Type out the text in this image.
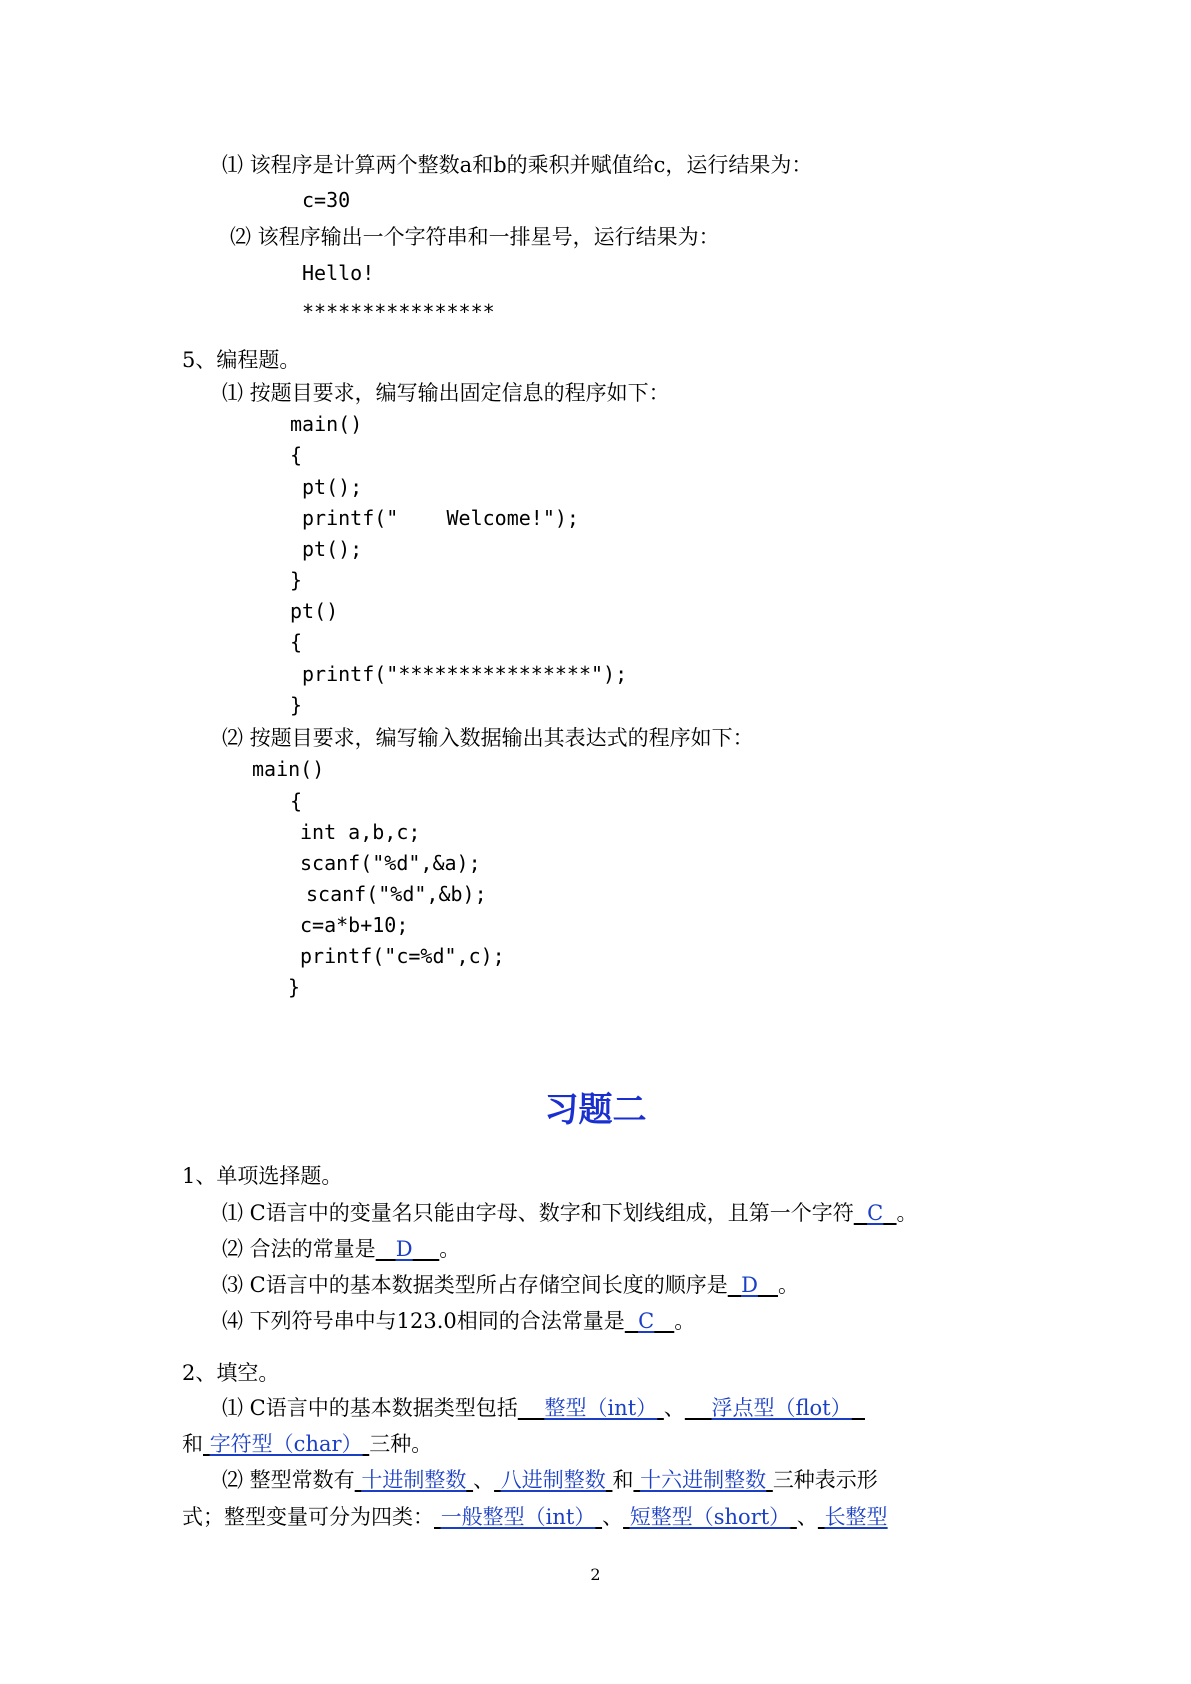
⑴ 该程序是计算两个整数a和b的乘积并赋值给c，运行结果为：
c=30
⑵ 该程序输出一个字符串和一排星号，运行结果为：
Hello!
****************
5、编程题。
⑴ 按题目要求，编写输出固定信息的程序如下：
main()
{
pt();
printf("    Welcome!");
pt();
}
pt()
{
printf("****************");
}
⑵ 按题目要求，编写输入数据输出其表达式的程序如下：
main()
{
int a,b,c;
scanf("%d",&a);
scanf("%d",&b);
c=a*b+10;
printf("c=%d",c);
}
习题二
1、单项选择题。
⑴ C语言中的变量名只能由字母、数字和下划线组成，且第一个字符 C 。
⑵ 合法的常量是 D 。
⑶ C语言中的基本数据类型所占存储空间长度的顺序是 D 。
⑷ 下列符号串中与123.0相同的合法常量是 C 。
2、填空。
⑴ C语言中的基本数据类型包括 整型（int） 、 浮点型（flot）
和 字符型（char） 三种。
⑵ 整型常数有 十进制整数 、 八进制整数 和 十六进制整数 三种表示形
式；整型变量可分为四类： 一般整型（int） 、 短整型（short） 、 长整型
2
